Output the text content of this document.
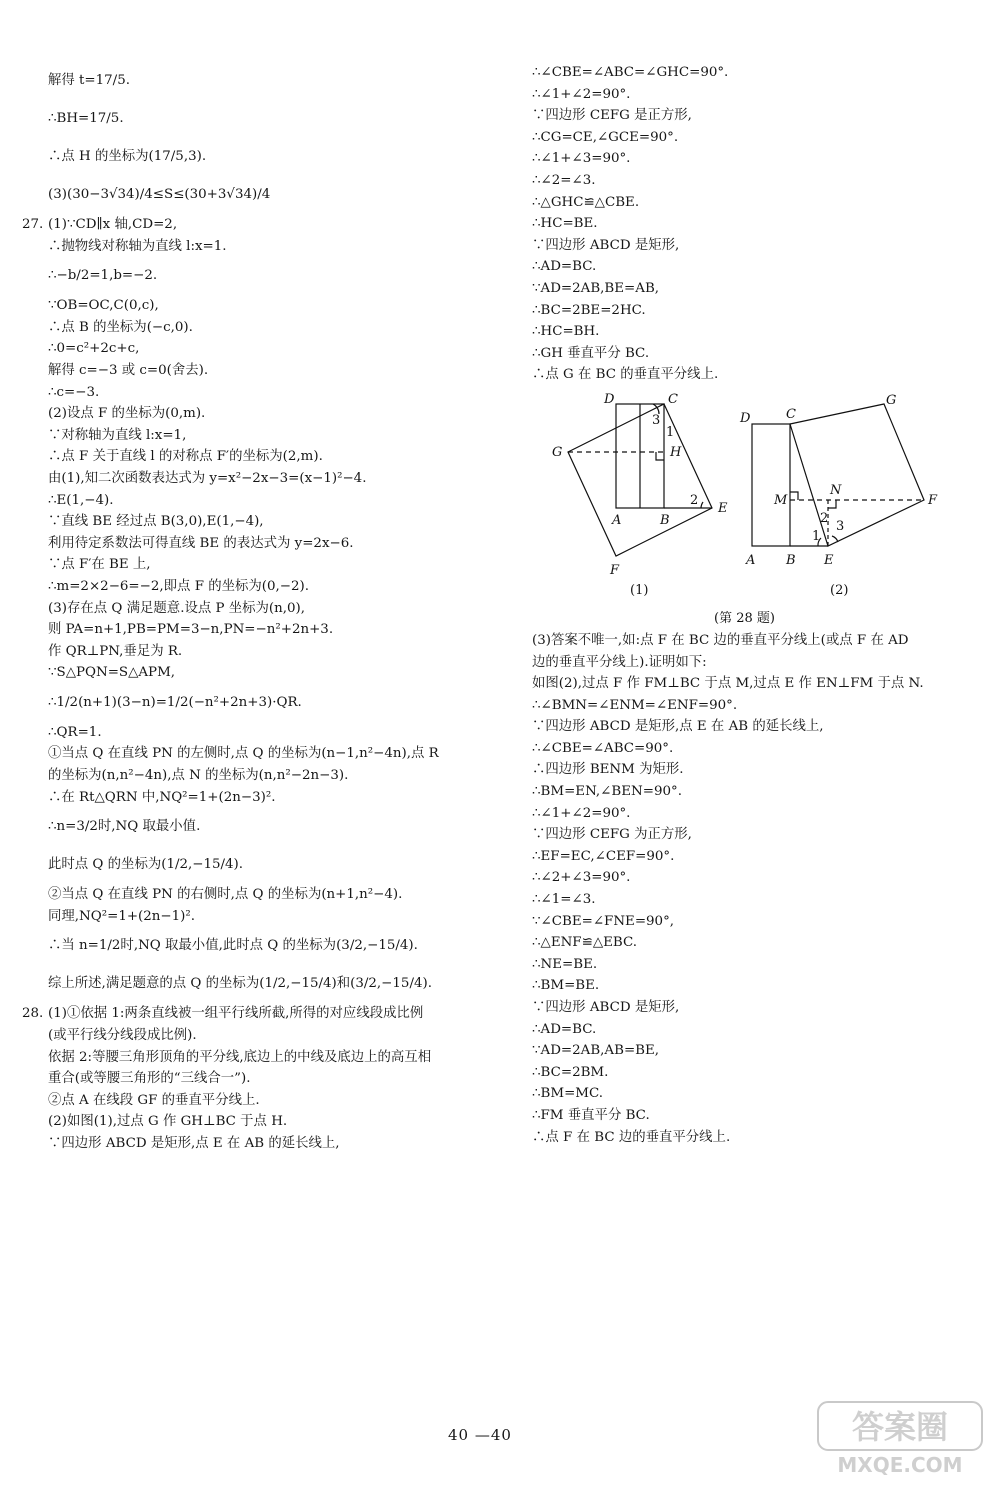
解得 t=17/5.
∴BH=17/5.
∴点 H 的坐标为(17/5,3).
(3)(30−3√34)/4≤S≤(30+3√34)/4
27. (1)∵CD∥x 轴,CD=2,
∴抛物线对称轴为直线 l:x=1.
∴−b/2=1,b=−2.
∵OB=OC,C(0,c),
∴点 B 的坐标为(−c,0).
∴0=c²+2c+c,
解得 c=−3 或 c=0(舍去).
∴c=−3.
(2)设点 F 的坐标为(0,m).
∵对称轴为直线 l:x=1,
∴点 F 关于直线 l 的对称点 F′的坐标为(2,m).
由(1),知二次函数表达式为 y=x²−2x−3=(x−1)²−4.
∴E(1,−4).
∵直线 BE 经过点 B(3,0),E(1,−4),
利用待定系数法可得直线 BE 的表达式为 y=2x−6.
∵点 F′在 BE 上,
∴m=2×2−6=−2,即点 F 的坐标为(0,−2).
(3)存在点 Q 满足题意.设点 P 坐标为(n,0),
则 PA=n+1,PB=PM=3−n,PN=−n²+2n+3.
作 QR⊥PN,垂足为 R.
∵S△PQN=S△APM,
∴1/2(n+1)(3−n)=1/2(−n²+2n+3)·QR.
∴QR=1.
①当点 Q 在直线 PN 的左侧时,点 Q 的坐标为(n−1,n²−4n),点 R
的坐标为(n,n²−4n),点 N 的坐标为(n,n²−2n−3).
∴在 Rt△QRN 中,NQ²=1+(2n−3)².
∴n=3/2时,NQ 取最小值.
此时点 Q 的坐标为(1/2,−15/4).
②当点 Q 在直线 PN 的右侧时,点 Q 的坐标为(n+1,n²−4).
同理,NQ²=1+(2n−1)².
∴当 n=1/2时,NQ 取最小值,此时点 Q 的坐标为(3/2,−15/4).
综上所述,满足题意的点 Q 的坐标为(1/2,−15/4)和(3/2,−15/4).
28. (1)①依据 1:两条直线被一组平行线所截,所得的对应线段成比例
(或平行线分线段成比例).
依据 2:等腰三角形顶角的平分线,底边上的中线及底边上的高互相
重合(或等腰三角形的“三线合一”).
②点 A 在线段 GF 的垂直平分线上.
(2)如图(1),过点 G 作 GH⊥BC 于点 H.
∵四边形 ABCD 是矩形,点 E 在 AB 的延长线上,
∴∠CBE=∠ABC=∠GHC=90°.
∴∠1+∠2=90°.
∵四边形 CEFG 是正方形,
∴CG=CE,∠GCE=90°.
∴∠1+∠3=90°.
∴∠2=∠3.
∴△GHC≌△CBE.
∴HC=BE.
∵四边形 ABCD 是矩形,
∴AD=BC.
∵AD=2AB,BE=AB,
∴BC=2BE=2HC.
∴HC=BH.
∴GH 垂直平分 BC.
∴点 G 在 BC 的垂直平分线上.
D	C
G	H
A	B
E
F
1
2
3
(1)
D	C
G
M
N
F
A B E
1
2
3
(2)
(第 28 题)
(3)答案不唯一,如:点 F 在 BC 边的垂直平分线上(或点 F 在 AD
边的垂直平分线上).证明如下:
如图(2),过点 F 作 FM⊥BC 于点 M,过点 E 作 EN⊥FM 于点 N.
∴∠BMN=∠ENM=∠ENF=90°.
∵四边形 ABCD 是矩形,点 E 在 AB 的延长线上,
∴∠CBE=∠ABC=90°.
∴四边形 BENM 为矩形.
∴BM=EN,∠BEN=90°.
∴∠1+∠2=90°.
∵四边形 CEFG 为正方形,
∴EF=EC,∠CEF=90°.
∴∠2+∠3=90°.
∴∠1=∠3.
∵∠CBE=∠FNE=90°,
∴△ENF≌△EBC.
∴NE=BE.
∴BM=BE.
∵四边形 ABCD 是矩形,
∴AD=BC.
∵AD=2AB,AB=BE,
∴BC=2BM.
∴BM=MC.
∴FM 垂直平分 BC.
∴点 F 在 BC 边的垂直平分线上.
40 —40	答案圈
MXQE.COM
